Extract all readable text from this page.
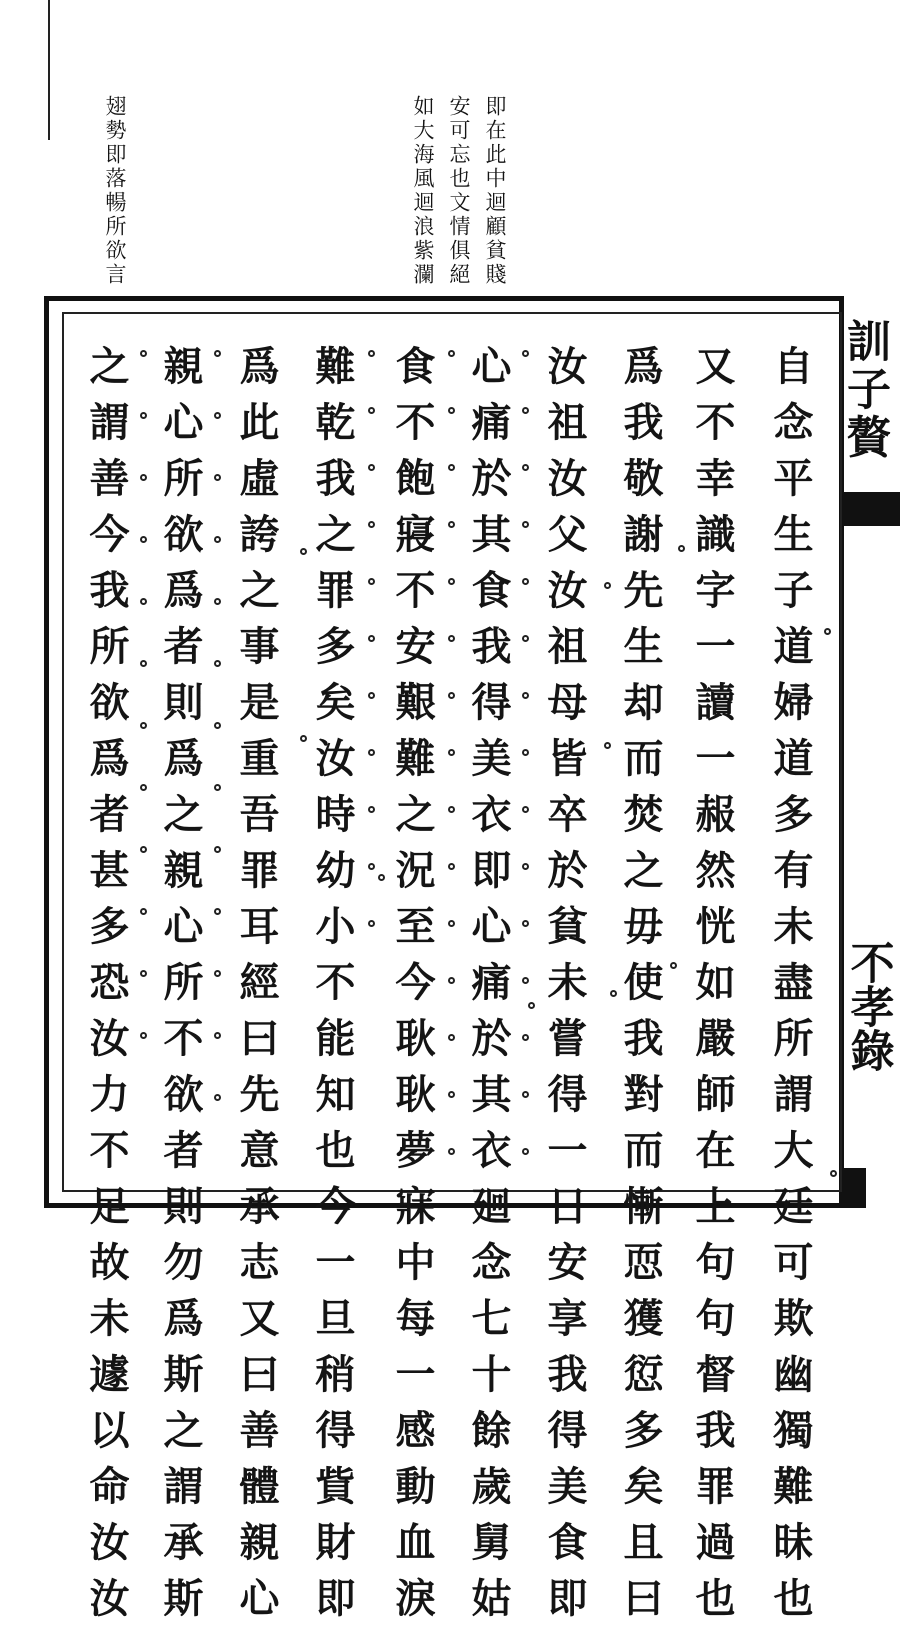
翅勢即落暢所欲言	如大海風迴浪紫瀾 安可忘也文情俱絕 即在此中迴顧貧賤
之謂善今我所欲爲者甚多恐汝力不足故未遽以命汝汝 親心所欲爲者則爲之親心所不欲者則勿爲斯之謂承斯 爲此虛誇之事是重吾罪耳經曰先意承志又曰善體親心 難乾我之罪多矣汝時幼小不能知也今一旦稍得貲財即 食不飽寢不安艱難之況至今耿耿夢寐中每一感動血淚 心痛於其食我得美衣即心痛於其衣廻念七十餘歲舅姑 汝祖汝父汝祖母皆卒於貧未嘗得一日安享我得美食即 爲我敬謝先生却而焚之毋使我對而慚恧獲愆多矣且曰 又不幸識字一讀一赧然恍如嚴師在上句句督我罪過也 自念平生子道婦道多有未盡所謂大廷可欺幽獨難昧也 訓子贅
不孝錄
